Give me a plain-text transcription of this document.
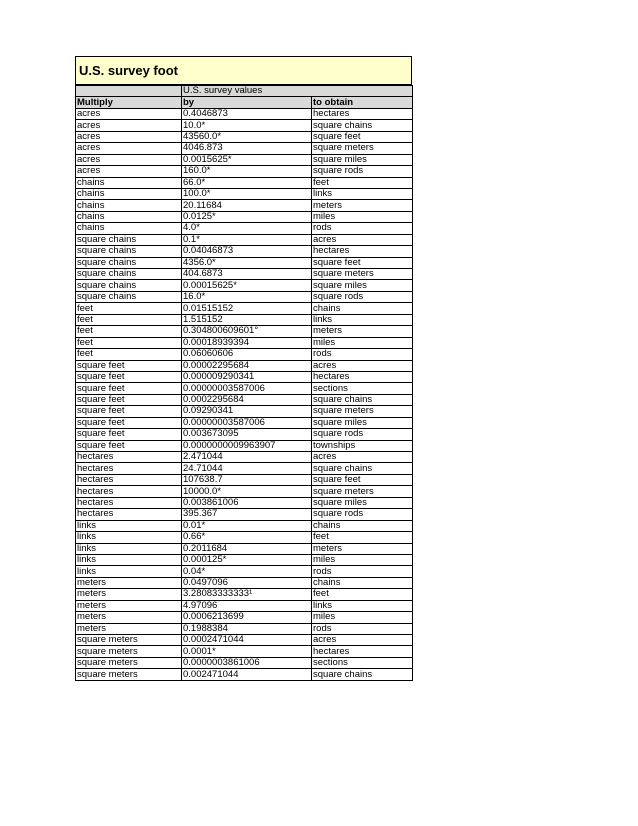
U.S. survey foot
	U.S. survey values	
Multiply	by	to obtain
acres	0.4046873	hectares
acres	10.0*	square chains
acres	43560.0*	square feet
acres	4046.873	square meters
acres	0.0015625*	square miles
acres	160.0*	square rods
chains	66.0*	feet
chains	100.0*	links
chains	20.11684	meters
chains	0.0125*	miles
chains	4.0*	rods
square chains	0.1*	acres
square chains	0.04046873	hectares
square chains	4356.0*	square feet
square chains	404.6873	square meters
square chains	0.00015625*	square miles
square chains	16.0*	square rods
feet	0.01515152	chains
feet	1.515152	links
feet	0.304800609601°	meters
feet	0.00018939394	miles
feet	0.06060606	rods
square feet	0.00002295684	acres
square feet	0.000009290341	hectares
square feet	0.00000003587006	sections
square feet	0.0002295684	square chains
square feet	0.09290341	square meters
square feet	0.00000003587006	square miles
square feet	0.003673095	square rods
square feet	0.0000000009963907	townships
hectares	2.471044	acres
hectares	24.71044	square chains
hectares	107638.7	square feet
hectares	10000.0*	square meters
hectares	0.003861006	square miles
hectares	395.367	square rods
links	0.01*	chains
links	0.66*	feet
links	0.2011684	meters
links	0.000125*	miles
links	0.04*	rods
meters	0.0497096	chains
meters	3.28083333333¹	feet
meters	4.97096	links
meters	0.0006213699	miles
meters	0.1988384	rods
square meters	0.0002471044	acres
square meters	0.0001*	hectares
square meters	0.0000003861006	sections
square meters	0.002471044	square chains
